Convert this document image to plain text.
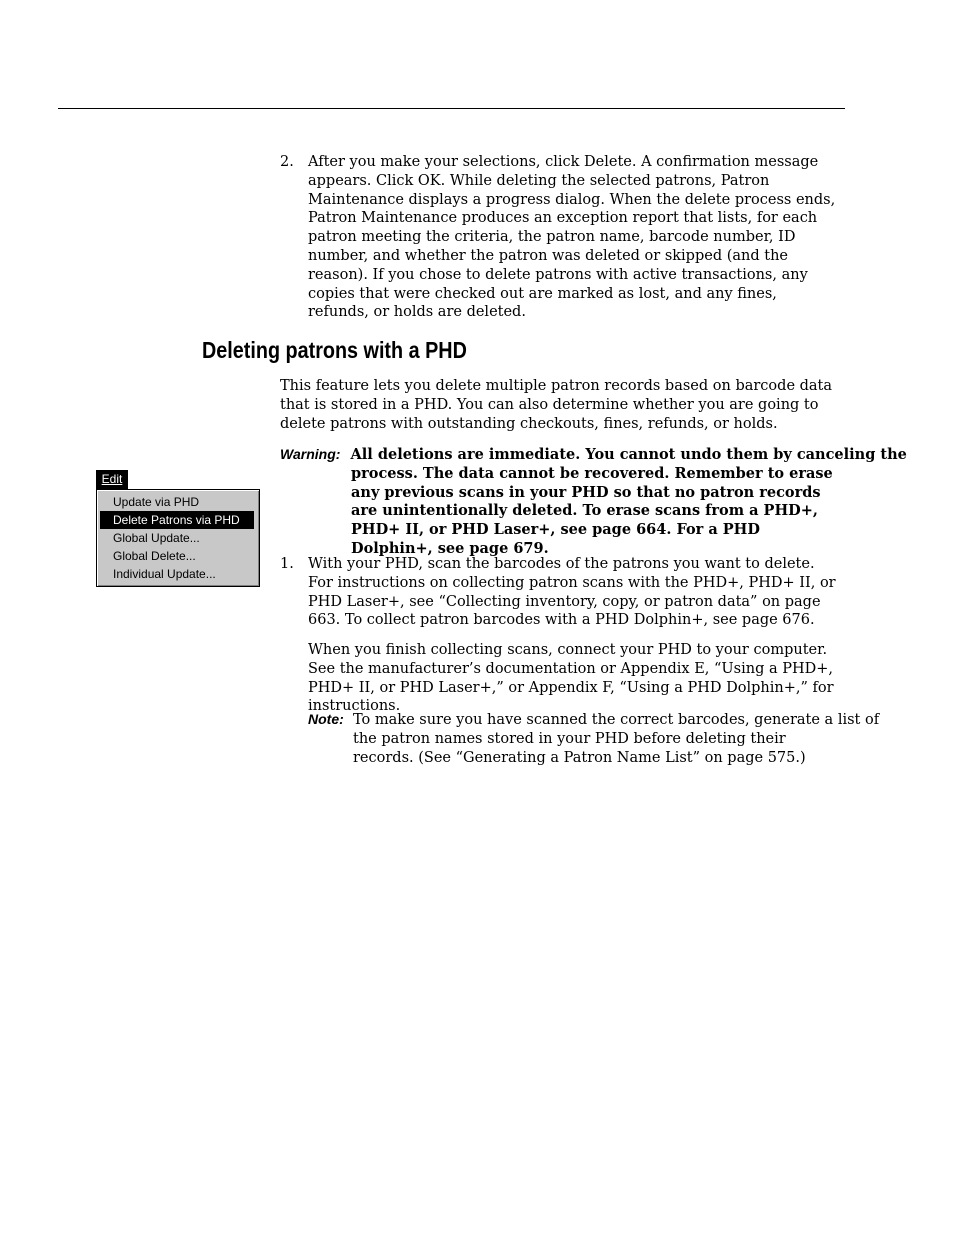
2. After you make your selections, click Delete. A confirmation message appears. Click OK. While deleting the selected patrons, Patron Maintenance displays a progress dialog. When the delete process ends, Patron Maintenance produces an exception report that lists, for each patron meeting the criteria, the patron name, barcode number, ID number, and whether the patron was deleted or skipped (and the reason). If you chose to delete patrons with active transactions, any copies that were checked out are marked as lost, and any fines, refunds, or holds are deleted.
Deleting patrons with a PHD
This feature lets you delete multiple patron records based on barcode data that is stored in a PHD. You can also determine whether you are going to delete patrons with outstanding checkouts, fines, refunds, or holds.
Warning: All deletions are immediate. You cannot undo them by canceling the
process. The data cannot be recovered. Remember to erase any previous scans in your PHD so that no patron records are unintentionally deleted. To erase scans from a PHD+, PHD+ II, or PHD Laser+, see page 664. For a PHD Dolphin+, see page 679.
Edit
Update via PHD
Delete Patrons via PHD
Global Update...
Global Delete...
Individual Update...
1. With your PHD, scan the barcodes of the patrons you want to delete. For instructions on collecting patron scans with the PHD+, PHD+ II, or PHD Laser+, see “Collecting inventory, copy, or patron data” on page 663. To collect patron barcodes with a PHD Dolphin+, see page 676.
When you finish collecting scans, connect your PHD to your computer. See the manufacturer’s documentation or Appendix E, “Using a PHD+, PHD+ II, or PHD Laser+,” or Appendix F, “Using a PHD Dolphin+,” for instructions.
Note: To make sure you have scanned the correct barcodes, generate a list of
the patron names stored in your PHD before deleting their records. (See “Generating a Patron Name List” on page 575.)
